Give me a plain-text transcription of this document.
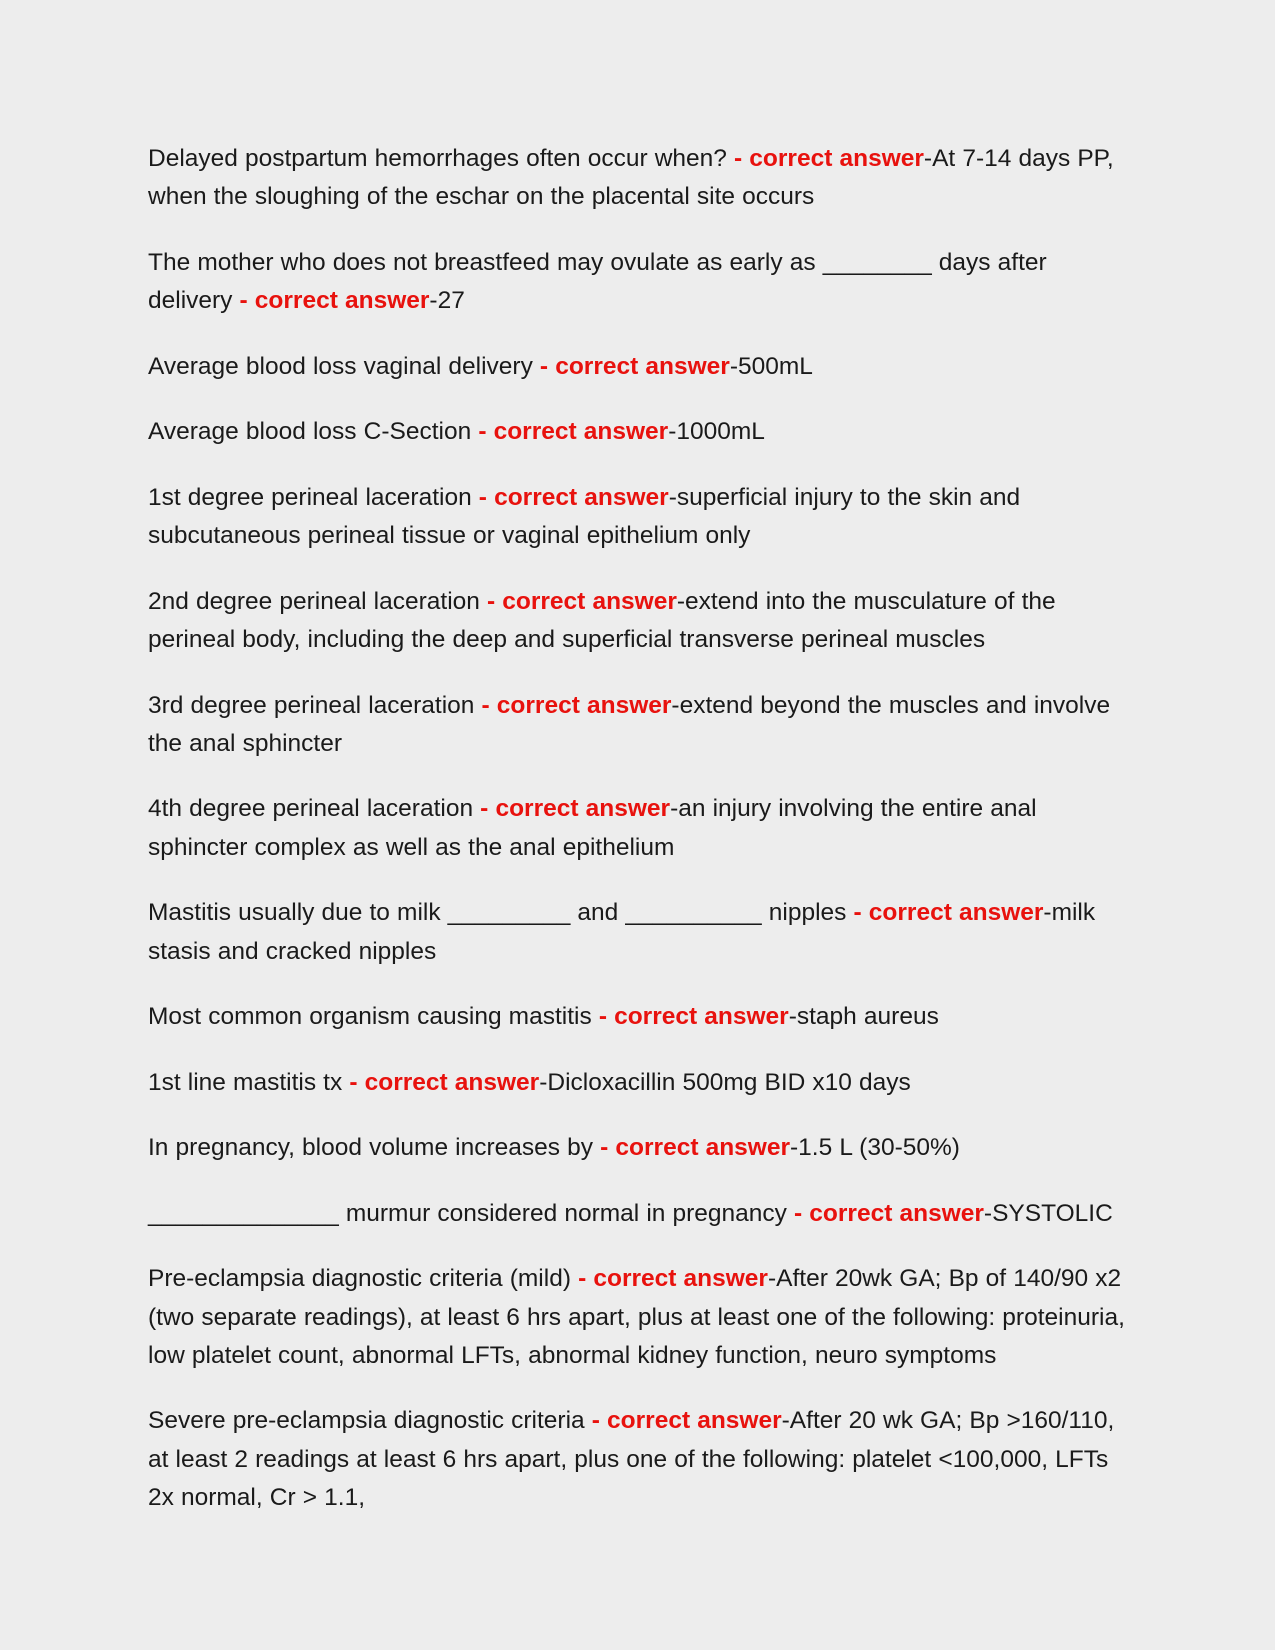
Delayed postpartum hemorrhages often occur when? - correct answer-At 7-14 days PP, when the sloughing of the eschar on the placental site occurs

The mother who does not breastfeed may ovulate as early as ________ days after delivery - correct answer-27

Average blood loss vaginal delivery - correct answer-500mL

Average blood loss C-Section - correct answer-1000mL

1st degree perineal laceration - correct answer-superficial injury to the skin and subcutaneous perineal tissue or vaginal epithelium only

2nd degree perineal laceration - correct answer-extend into the musculature of the perineal body, including the deep and superficial transverse perineal muscles

3rd degree perineal laceration - correct answer-extend beyond the muscles and involve the anal sphincter

4th degree perineal laceration - correct answer-an injury involving the entire anal sphincter complex as well as the anal epithelium

Mastitis usually due to milk _________ and __________ nipples - correct answer-milk stasis and cracked nipples

Most common organism causing mastitis - correct answer-staph aureus

1st line mastitis tx - correct answer-Dicloxacillin 500mg BID x10 days

In pregnancy, blood volume increases by - correct answer-1.5 L (30-50%)

______________ murmur considered normal in pregnancy - correct answer-SYSTOLIC

Pre-eclampsia diagnostic criteria (mild) - correct answer-After 20wk GA; Bp of 140/90 x2 (two separate readings), at least 6 hrs apart, plus at least one of the following: proteinuria, low platelet count, abnormal LFTs, abnormal kidney function, neuro symptoms

Severe pre-eclampsia diagnostic criteria - correct answer-After 20 wk GA; Bp >160/110, at least 2 readings at least 6 hrs apart, plus one of the following: platelet <100,000, LFTs 2x normal, Cr > 1.1,
